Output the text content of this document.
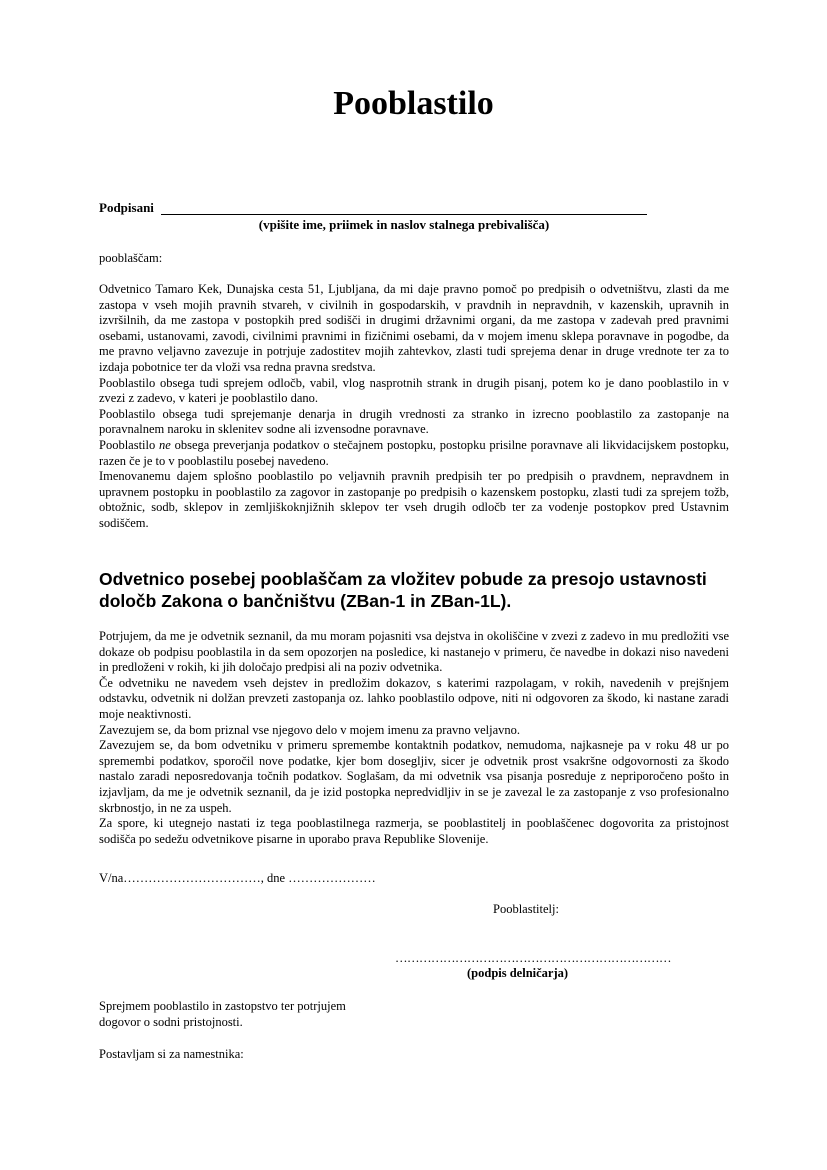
Pooblastilo
Podpisani
(vpišite ime, priimek in naslov stalnega prebivališča)
pooblaščam:

Odvetnico Tamaro Kek, Dunajska cesta 51, Ljubljana, da mi daje pravno pomoč po predpisih o odvetništvu, zlasti da me zastopa v vseh mojih pravnih stvareh, v civilnih in gospodarskih, v pravdnih in nepravdnih, v kazenskih, upravnih in izvršilnih, da me zastopa v postopkih pred sodišči in drugimi državnimi organi, da me zastopa v zadevah pred pravnimi osebami, ustanovami, zavodi, civilnimi pravnimi in fizičnimi osebami, da v mojem imenu sklepa poravnave in pogodbe, da me pravno veljavno zavezuje in potrjuje zadostitev mojih zahtevkov, zlasti tudi sprejema denar in druge vrednote ter za to izdaja pobotnice ter da vloži vsa redna pravna sredstva.

Pooblastilo obsega tudi sprejem odločb, vabil, vlog nasprotnih strank in drugih pisanj, potem ko je dano pooblastilo in v zvezi z zadevo, v kateri je pooblastilo dano.

Pooblastilo obsega tudi sprejemanje denarja in drugih vrednosti za stranko in izrecno pooblastilo za zastopanje na poravnalnem naroku in sklenitev sodne ali izvensodne poravnave.

Pooblastilo ne obsega preverjanja podatkov o stečajnem postopku, postopku prisilne poravnave ali likvidacijskem postopku, razen če je to v pooblastilu posebej navedeno.

Imenovanemu dajem splošno pooblastilo po veljavnih pravnih predpisih ter po predpisih o pravdnem, nepravdnem in upravnem postopku in pooblastilo za zagovor in zastopanje po predpisih o kazenskem postopku, zlasti tudi za sprejem tožb, obtožnic, sodb, sklepov in zemljiškoknjižnih sklepov ter vseh drugih odločb ter za vodenje postopkov pred Ustavnim sodiščem.

Odvetnico posebej pooblaščam za vložitev pobude za presojo ustavnosti določb Zakona o bančništvu (ZBan-1 in ZBan-1L).

Potrjujem, da me je odvetnik seznanil, da mu moram pojasniti vsa dejstva in okoliščine v zvezi z zadevo in mu predložiti vse dokaze ob podpisu pooblastila in da sem opozorjen na posledice, ki nastanejo v primeru, če navedbe in dokazi niso navedeni in predloženi v rokih, ki jih določajo predpisi ali na poziv odvetnika.

Če odvetniku ne navedem vseh dejstev in predložim dokazov, s katerimi razpolagam, v rokih, navedenih v prejšnjem odstavku, odvetnik ni dolžan prevzeti zastopanja oz. lahko pooblastilo odpove, niti ni odgovoren za škodo, ki nastane zaradi moje neaktivnosti.

Zavezujem se, da bom priznal vse njegovo delo v mojem imenu za pravno veljavno.

Zavezujem se, da bom odvetniku v primeru spremembe kontaktnih podatkov, nemudoma, najkasneje pa v roku 48 ur po spremembi podatkov, sporočil nove podatke, kjer bom dosegljiv, sicer je odvetnik prost vsakršne odgovornosti za škodo nastalo zaradi neposredovanja točnih podatkov. Soglašam, da mi odvetnik vsa pisanja posreduje z nepriporočeno pošto in izjavljam, da me je odvetnik seznanil, da je izid postopka nepredvidljiv in se je zavezal le za zastopanje z vso profesionalno skrbnostjo, in ne za uspeh.

Za spore, ki utegnejo nastati iz tega pooblastilnega razmerja, se pooblastitelj in pooblaščenec dogovorita za pristojnost sodišča po sedežu odvetnikove pisarne in uporabo prava Republike Slovenije.

V/na……………………………, dne …………………
Pooblastitelj:
……………………………………………………………
(podpis delničarja)
Sprejmem pooblastilo in zastopstvo ter potrjujem
dogovor o sodni pristojnosti.
Postavljam si za namestnika:
